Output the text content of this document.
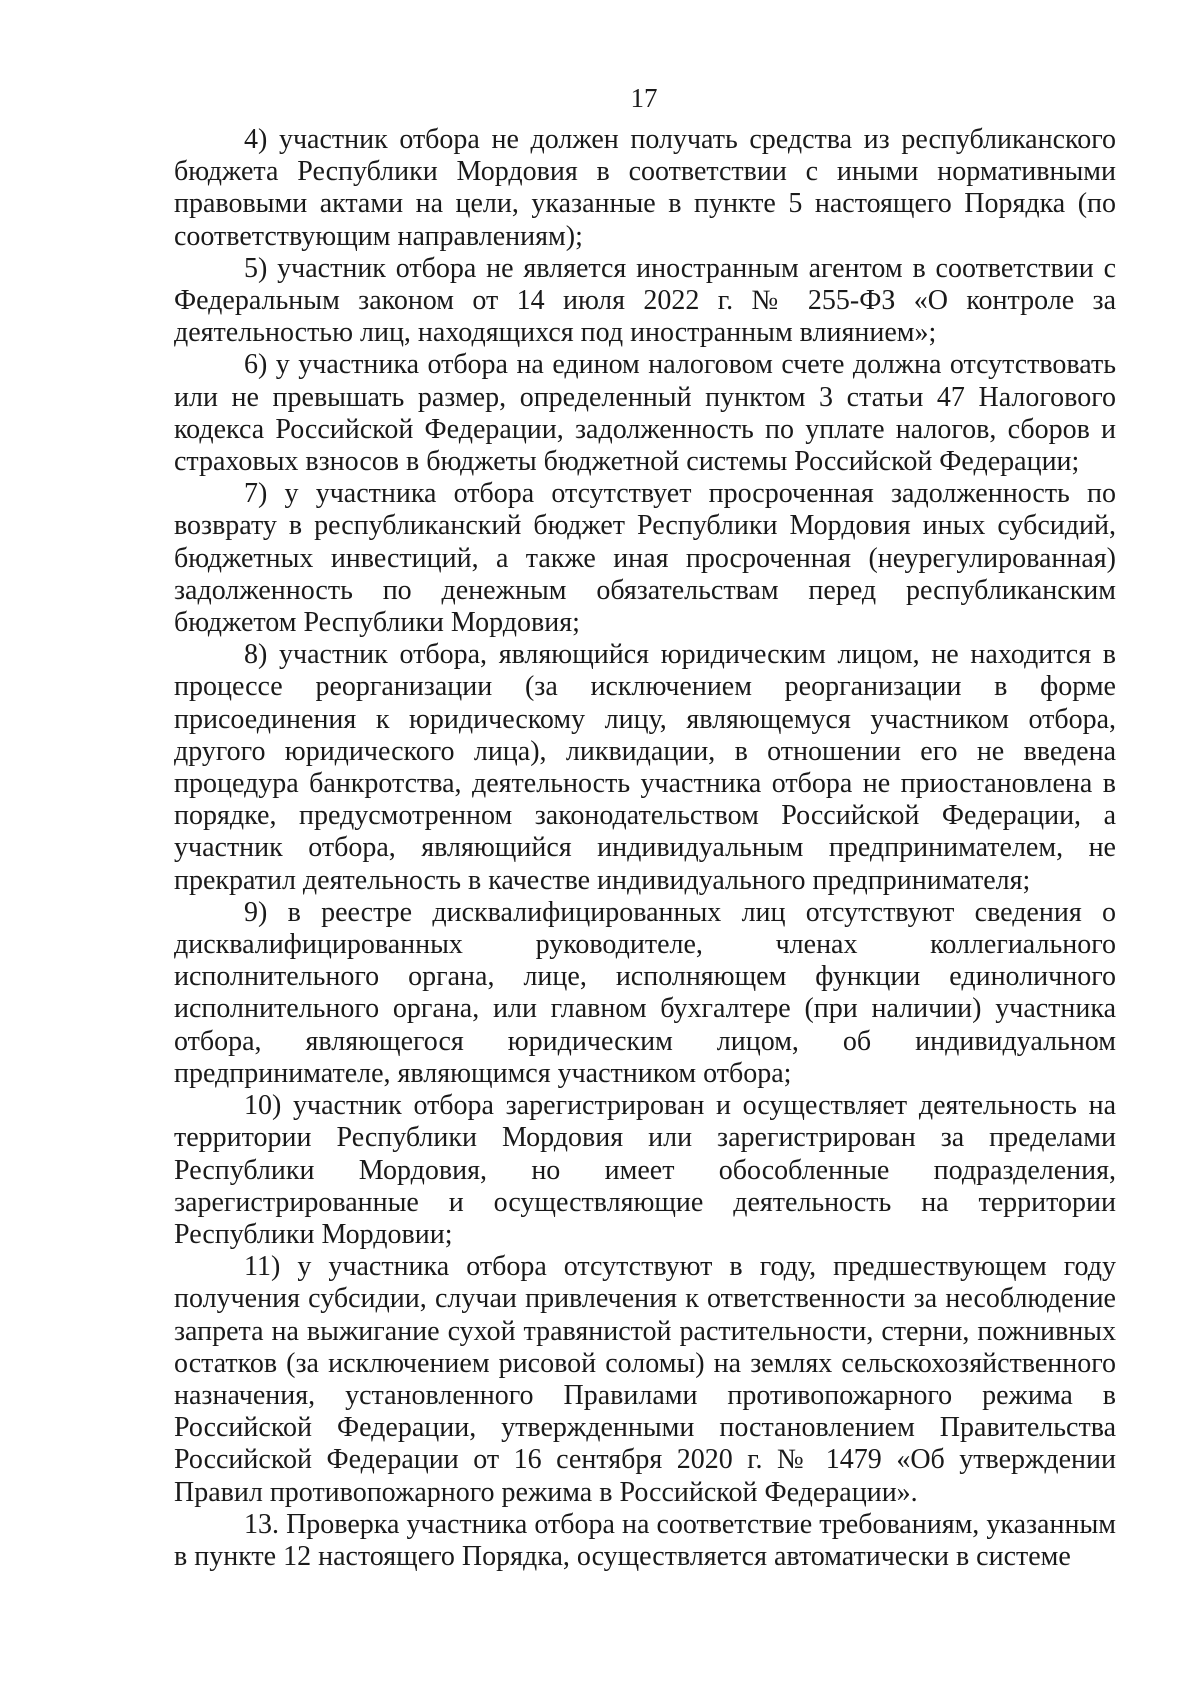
17

4) участник отбора не должен получать средства из республиканского бюджета Республики Мордовия в соответствии с иными нормативными правовыми актами на цели, указанные в пункте 5 настоящего Порядка (по соответствующим направлениям);

5) участник отбора не является иностранным агентом в соответствии с Федеральным законом от 14 июля 2022 г. № 255-ФЗ «О контроле за деятельностью лиц, находящихся под иностранным влиянием»;

6) у участника отбора на едином налоговом счете должна отсутствовать или не превышать размер, определенный пунктом 3 статьи 47 Налогового кодекса Российской Федерации, задолженность по уплате налогов, сборов и страховых взносов в бюджеты бюджетной системы Российской Федерации;

7) у участника отбора отсутствует просроченная задолженность по возврату в республиканский бюджет Республики Мордовия иных субсидий, бюджетных инвестиций, а также иная просроченная (неурегулированная) задолженность по денежным обязательствам перед республиканским бюджетом Республики Мордовия;

8) участник отбора, являющийся юридическим лицом, не находится в процессе реорганизации (за исключением реорганизации в форме присоединения к юридическому лицу, являющемуся участником отбора, другого юридического лица), ликвидации, в отношении его не введена процедура банкротства, деятельность участника отбора не приостановлена в порядке, предусмотренном законодательством Российской Федерации, а участник отбора, являющийся индивидуальным предпринимателем, не прекратил деятельность в качестве индивидуального предпринимателя;

9) в реестре дисквалифицированных лиц отсутствуют сведения о дисквалифицированных руководителе, членах коллегиального исполнительного органа, лице, исполняющем функции единоличного исполнительного органа, или главном бухгалтере (при наличии) участника отбора, являющегося юридическим лицом, об индивидуальном предпринимателе, являющимся участником отбора;

10) участник отбора зарегистрирован и осуществляет деятельность на территории Республики Мордовия или зарегистрирован за пределами Республики Мордовия, но имеет обособленные подразделения, зарегистрированные и осуществляющие деятельность на территории Республики Мордовии;

11) у участника отбора отсутствуют в году, предшествующем году получения субсидии, случаи привлечения к ответственности за несоблюдение запрета на выжигание сухой травянистой растительности, стерни, пожнивных остатков (за исключением рисовой соломы) на землях сельскохозяйственного назначения, установленного Правилами противопожарного режима в Российской Федерации, утвержденными постановлением Правительства Российской Федерации от 16 сентября 2020 г. № 1479 «Об утверждении Правил противопожарного режима в Российской Федерации».

13. Проверка участника отбора на соответствие требованиям, указанным в пункте 12 настоящего Порядка, осуществляется автоматически в системе
